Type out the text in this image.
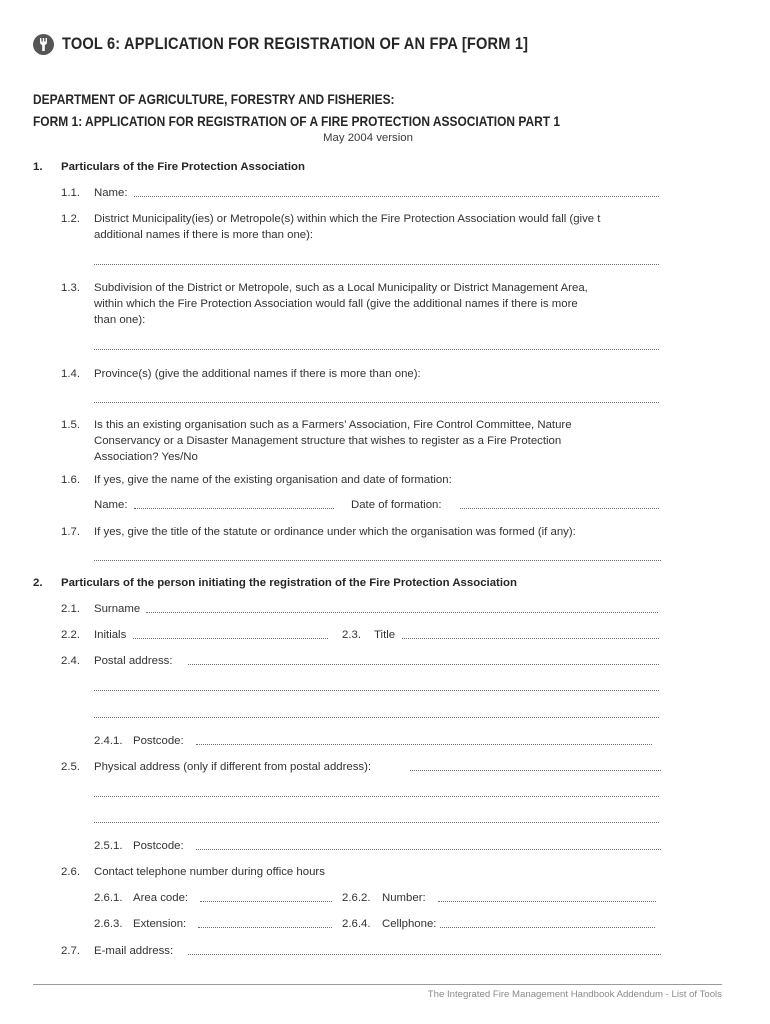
TOOL 6: APPLICATION FOR REGISTRATION OF AN FPA [FORM 1]
DEPARTMENT OF AGRICULTURE, FORESTRY AND FISHERIES:
FORM 1: APPLICATION FOR REGISTRATION OF A FIRE PROTECTION ASSOCIATION PART 1
May 2004 version
1. Particulars of the Fire Protection Association
1.1. Name:
1.2. District Municipality(ies) or Metropole(s) within which the Fire Protection Association would fall (give t
additional names if there is more than one):
1.3. Subdivision of the District or Metropole, such as a Local Municipality or District Management Area,
within which the Fire Protection Association would fall (give the additional names if there is more
than one):
1.4. Province(s) (give the additional names if there is more than one):
1.5. Is this an existing organisation such as a Farmers’ Association, Fire Control Committee, Nature
Conservancy or a Disaster Management structure that wishes to register as a Fire Protection
Association? Yes/No
1.6. If yes, give the name of the existing organisation and date of formation:
Name:	Date of formation:
1.7. If yes, give the title of the statute or ordinance under which the organisation was formed (if any):
2. Particulars of the person initiating the registration of the Fire Protection Association
2.1. Surname
2.2. Initials	2.3. Title
2.4. Postal address:
2.4.1. Postcode:
2.5. Physical address (only if different from postal address):
2.5.1. Postcode:
2.6. Contact telephone number during office hours
2.6.1. Area code:	2.6.2. Number:
2.6.3. Extension:	2.6.4. Cellphone:
2.7. E-mail address:
The Integrated Fire Management Handbook Addendum - List of Tools
